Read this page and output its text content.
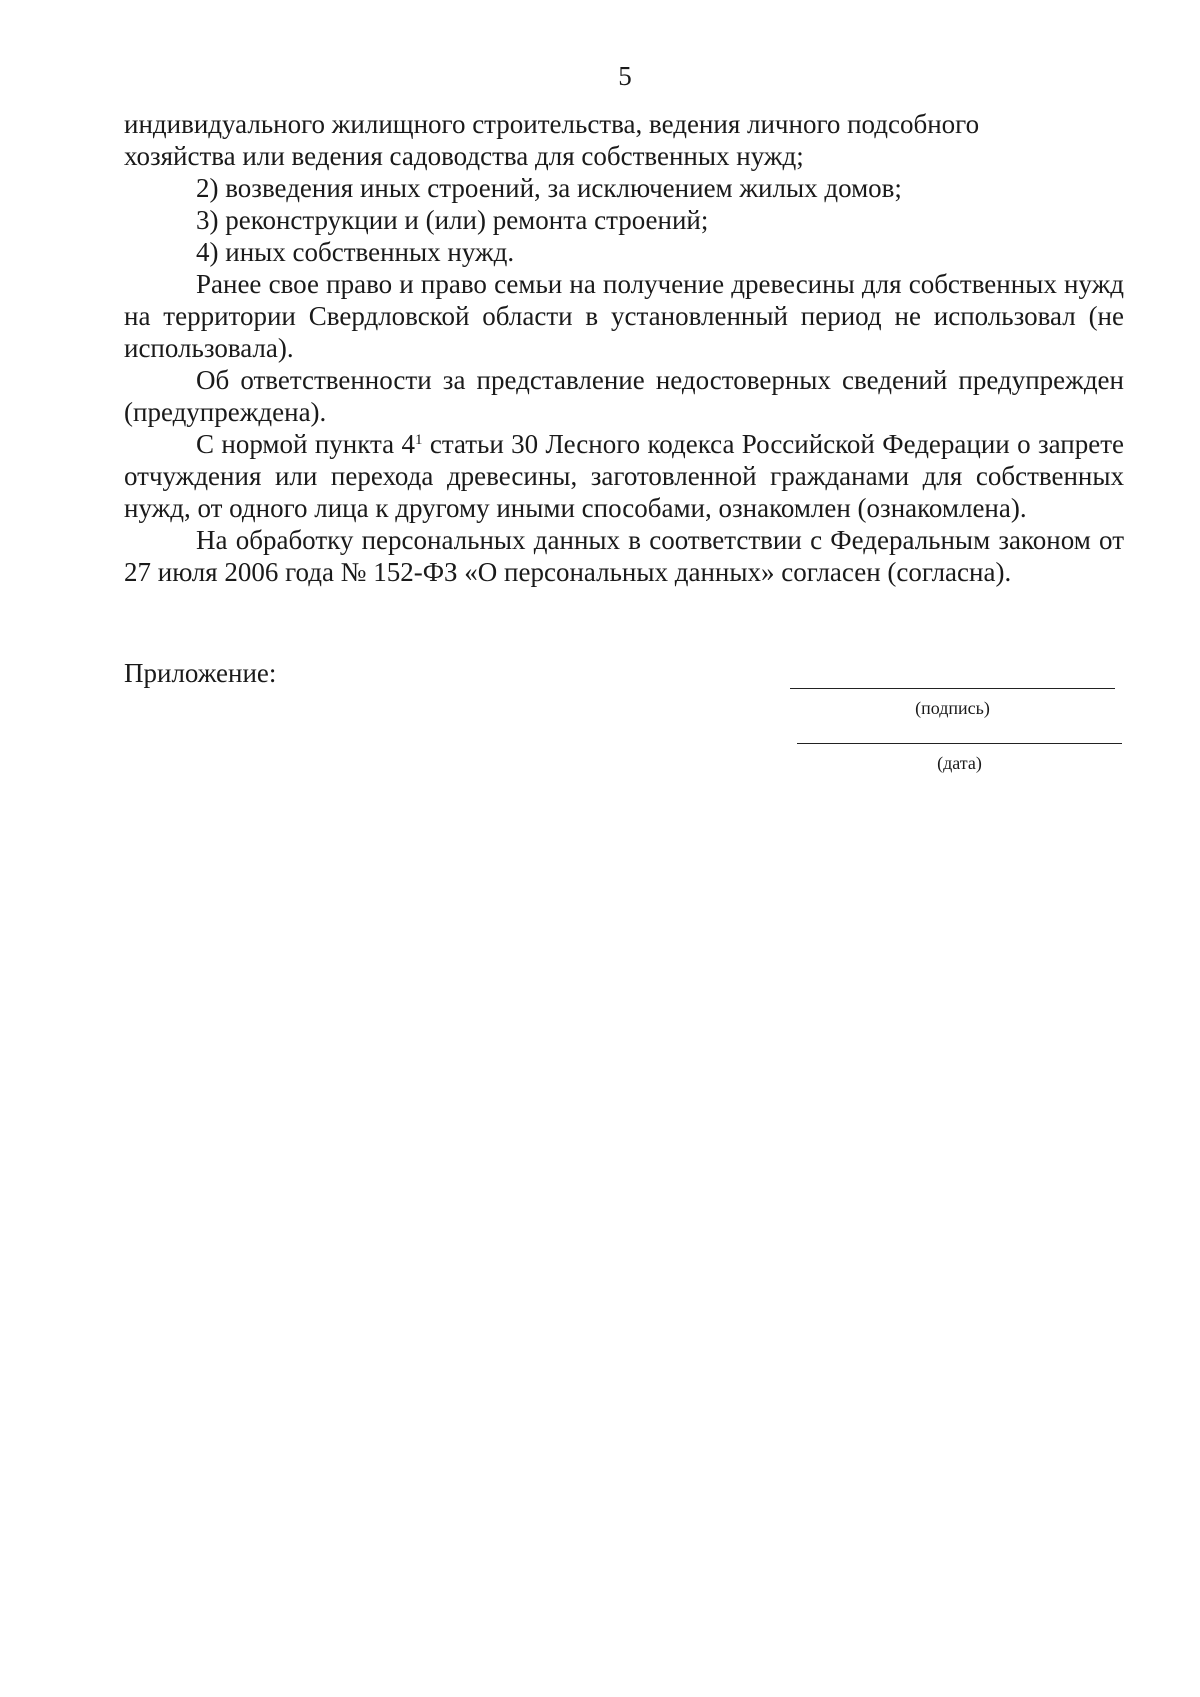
5

индивидуального жилищного строительства, ведения личного подсобного

хозяйства или ведения садоводства для собственных нужд;

2) возведения иных строений, за исключением жилых домов;

3) реконструкции и (или) ремонта строений;

4) иных собственных нужд.

Ранее свое право и право семьи на получение древесины для собственных нужд на территории Свердловской области в установленный период не использовал (не использовала).

Об ответственности за представление недостоверных сведений предупрежден (предупреждена).

С нормой пункта $4^1$ статьи 30 Лесного кодекса Российской Федерации о запрете отчуждения или перехода древесины, заготовленной гражданами для собственных нужд, от одного лица к другому иными способами, ознакомлен (ознакомлена).

На обработку персональных данных в соответствии с Федеральным законом от 27 июля 2006 года № 152-ФЗ «О персональных данных» согласен (согласна).

Приложение:
(подпись)
(дата)
